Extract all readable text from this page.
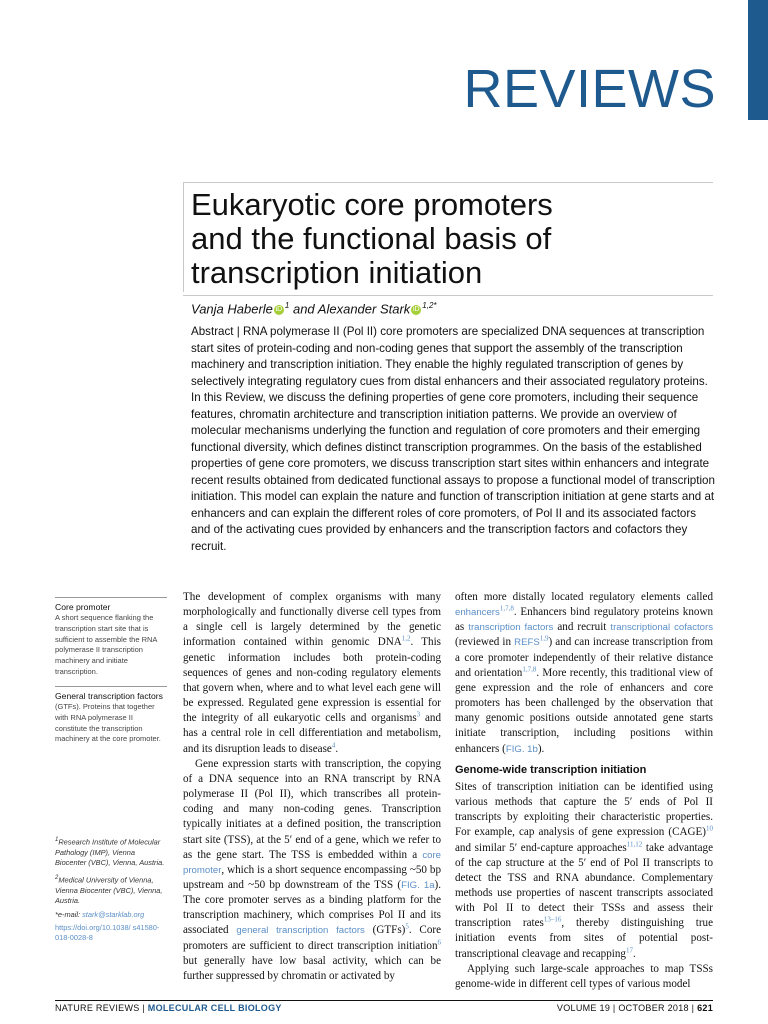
REVIEWS
Eukaryotic core promoters
and the functional basis of
transcription initiation
Vanja Haberle iD $^1$ and Alexander Stark iD $^{1,2*}$

Abstract | RNA polymerase II (Pol II) core promoters are specialized DNA sequences at transcription start sites of protein-coding and non-coding genes that support the assembly of the transcription machinery and transcription initiation. They enable the highly regulated transcription of genes by selectively integrating regulatory cues from distal enhancers and their associated regulatory proteins. In this Review, we discuss the defining properties of gene core promoters, including their sequence features, chromatin architecture and transcription initiation patterns. We provide an overview of molecular mechanisms underlying the function and regulation of core promoters and their emerging functional diversity, which defines distinct transcription programmes. On the basis of the established properties of gene core promoters, we discuss transcription start sites within enhancers and integrate recent results obtained from dedicated functional assays to propose a functional model of transcription initiation. This model can explain the nature and function of transcription initiation at gene starts and at enhancers and can explain the different roles of core promoters, of Pol II and its associated factors and of the activating cues provided by enhancers and the transcription factors and cofactors they recruit.

Core promoter
A short sequence flanking the transcription start site that is sufficient to assemble the RNA polymerase II transcription machinery and initiate transcription.
General transcription factors
(GTFs). Proteins that together with RNA polymerase II constitute the transcription machinery at the core promoter.
$^1$Research Institute of Molecular Pathology (IMP), Vienna Biocenter (VBC), Vienna, Austria.
$^2$Medical University of Vienna, Vienna Biocenter (VBC), Vienna, Austria.
*e-mail: stark@starklab.org
https://doi.org/10.1038/ s41580-018-0028-8

The development of complex organisms with many morphologically and functionally diverse cell types from a single cell is largely determined by the genetic information contained within genomic DNA$^{1,2}$. This genetic information includes both protein-coding sequences of genes and non-coding regulatory elements that govern when, where and to what level each gene will be expressed. Regulated gene expression is essential for the integrity of all eukaryotic cells and organisms$^3$ and has a central role in cell differentiation and metabolism, and its disruption leads to disease$^4$.

Gene expression starts with transcription, the copying of a DNA sequence into an RNA transcript by RNA polymerase II (Pol II), which transcribes all protein-coding and many non-coding genes. Transcription typically initiates at a defined position, the transcription start site (TSS), at the 5′ end of a gene, which we refer to as the gene start. The TSS is embedded within a core promoter, which is a short sequence encompassing ~50 bp upstream and ~50 bp downstream of the TSS (FIG. 1a). The core promoter serves as a binding platform for the transcription machinery, which comprises Pol II and its associated general transcription factors (GTFs)$^5$. Core promoters are sufficient to direct transcription initiation$^6$ but generally have low basal activity, which can be further suppressed by chromatin or activated by

often more distally located regulatory elements called enhancers$^{1,7,8}$. Enhancers bind regulatory proteins known as transcription factors and recruit transcriptional cofactors (reviewed in REFS$^{1,9}$) and can increase transcription from a core promoter independently of their relative distance and orientation$^{1,7,8}$. More recently, this traditional view of gene expression and the role of enhancers and core promoters has been challenged by the observation that many genomic positions outside annotated gene starts initiate transcription, including positions within enhancers (FIG. 1b).

Genome-wide transcription initiation

Sites of transcription initiation can be identified using various methods that capture the 5′ ends of Pol II transcripts by exploiting their characteristic properties. For example, cap analysis of gene expression (CAGE)$^{10}$ and similar 5′ end-capture approaches$^{11,12}$ take advantage of the cap structure at the 5′ end of Pol II transcripts to detect the TSS and RNA abundance. Complementary methods use properties of nascent transcripts associated with Pol II to detect their TSSs and assess their transcription rates$^{13-16}$, thereby distinguishing true initiation events from sites of potential post-transcriptional cleavage and recapping$^{17}$.

Applying such large-scale approaches to map TSSs genome-wide in different cell types of various model

NATURE REVIEWS | MOLECULAR CELL BIOLOGY	VOLUME 19 | OCTOBER 2018 | 621
